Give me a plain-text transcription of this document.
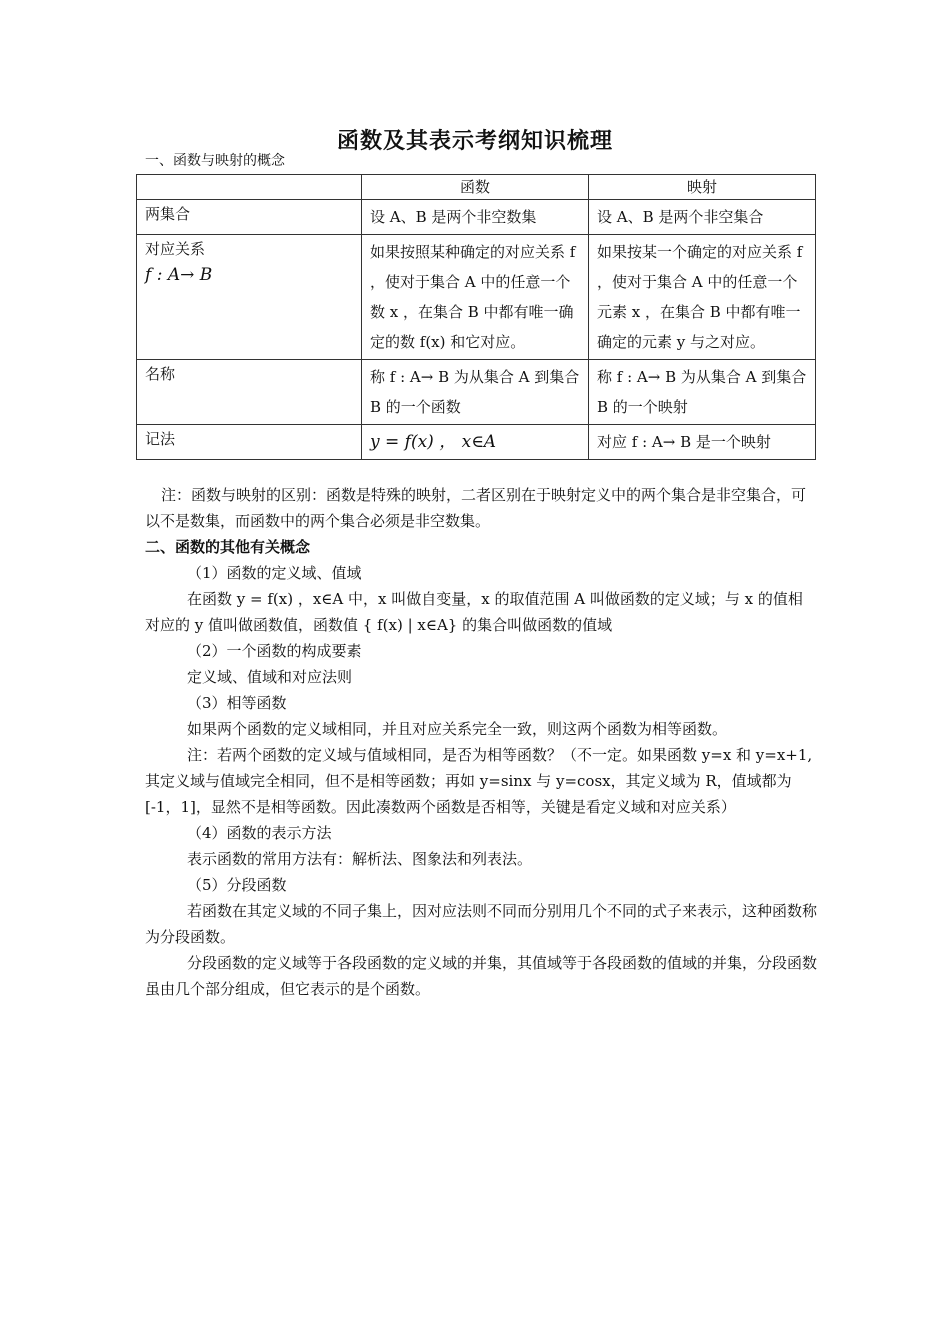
函数及其表示考纲知识梳理
一、函数与映射的概念
	函数	映射

两集合	设 A、B 是两个非空数集	设 A、B 是两个非空集合

对应关系
f : A→ B	如果按照某种确定的对应关系 f ，使对于集合 A 中的任意一个数 x ，在集合 B 中都有唯一确定的数 f(x) 和它对应。	如果按某一个确定的对应关系 f ，使对于集合 A 中的任意一个元素 x ，在集合 B 中都有唯一确定的元素 y 与之对应。

名称	称 f : A→ B 为从集合 A 到集合 B 的一个函数	称 f : A→ B 为从集合 A 到集合 B 的一个映射

记法	y = f(x) ， x∈A	对应 f : A→ B 是一个映射

注：函数与映射的区别：函数是特殊的映射，二者区别在于映射定义中的两个集合是非空集合，可以不是数集，而函数中的两个集合必须是非空数集。

二、函数的其他有关概念

（1）函数的定义域、值域

在函数 y = f(x) ，x∈A 中，x 叫做自变量，x 的取值范围 A 叫做函数的定义域；与 x 的值相对应的 y 值叫做函数值，函数值 { f(x) | x∈A} 的集合叫做函数的值域

（2）一个函数的构成要素

定义域、值域和对应法则

（3）相等函数

如果两个函数的定义域相同，并且对应关系完全一致，则这两个函数为相等函数。

注：若两个函数的定义域与值域相同，是否为相等函数？（不一定。如果函数 y=x 和 y=x+1,其定义域与值域完全相同，但不是相等函数；再如 y=sinx 与 y=cosx，其定义域为 R，值域都为[-1，1]，显然不是相等函数。因此凑数两个函数是否相等，关键是看定义域和对应关系）

（4）函数的表示方法

表示函数的常用方法有：解析法、图象法和列表法。

（5）分段函数

若函数在其定义域的不同子集上，因对应法则不同而分别用几个不同的式子来表示，这种函数称为分段函数。

分段函数的定义域等于各段函数的定义域的并集，其值域等于各段函数的值域的并集，分段函数虽由几个部分组成，但它表示的是个函数。
